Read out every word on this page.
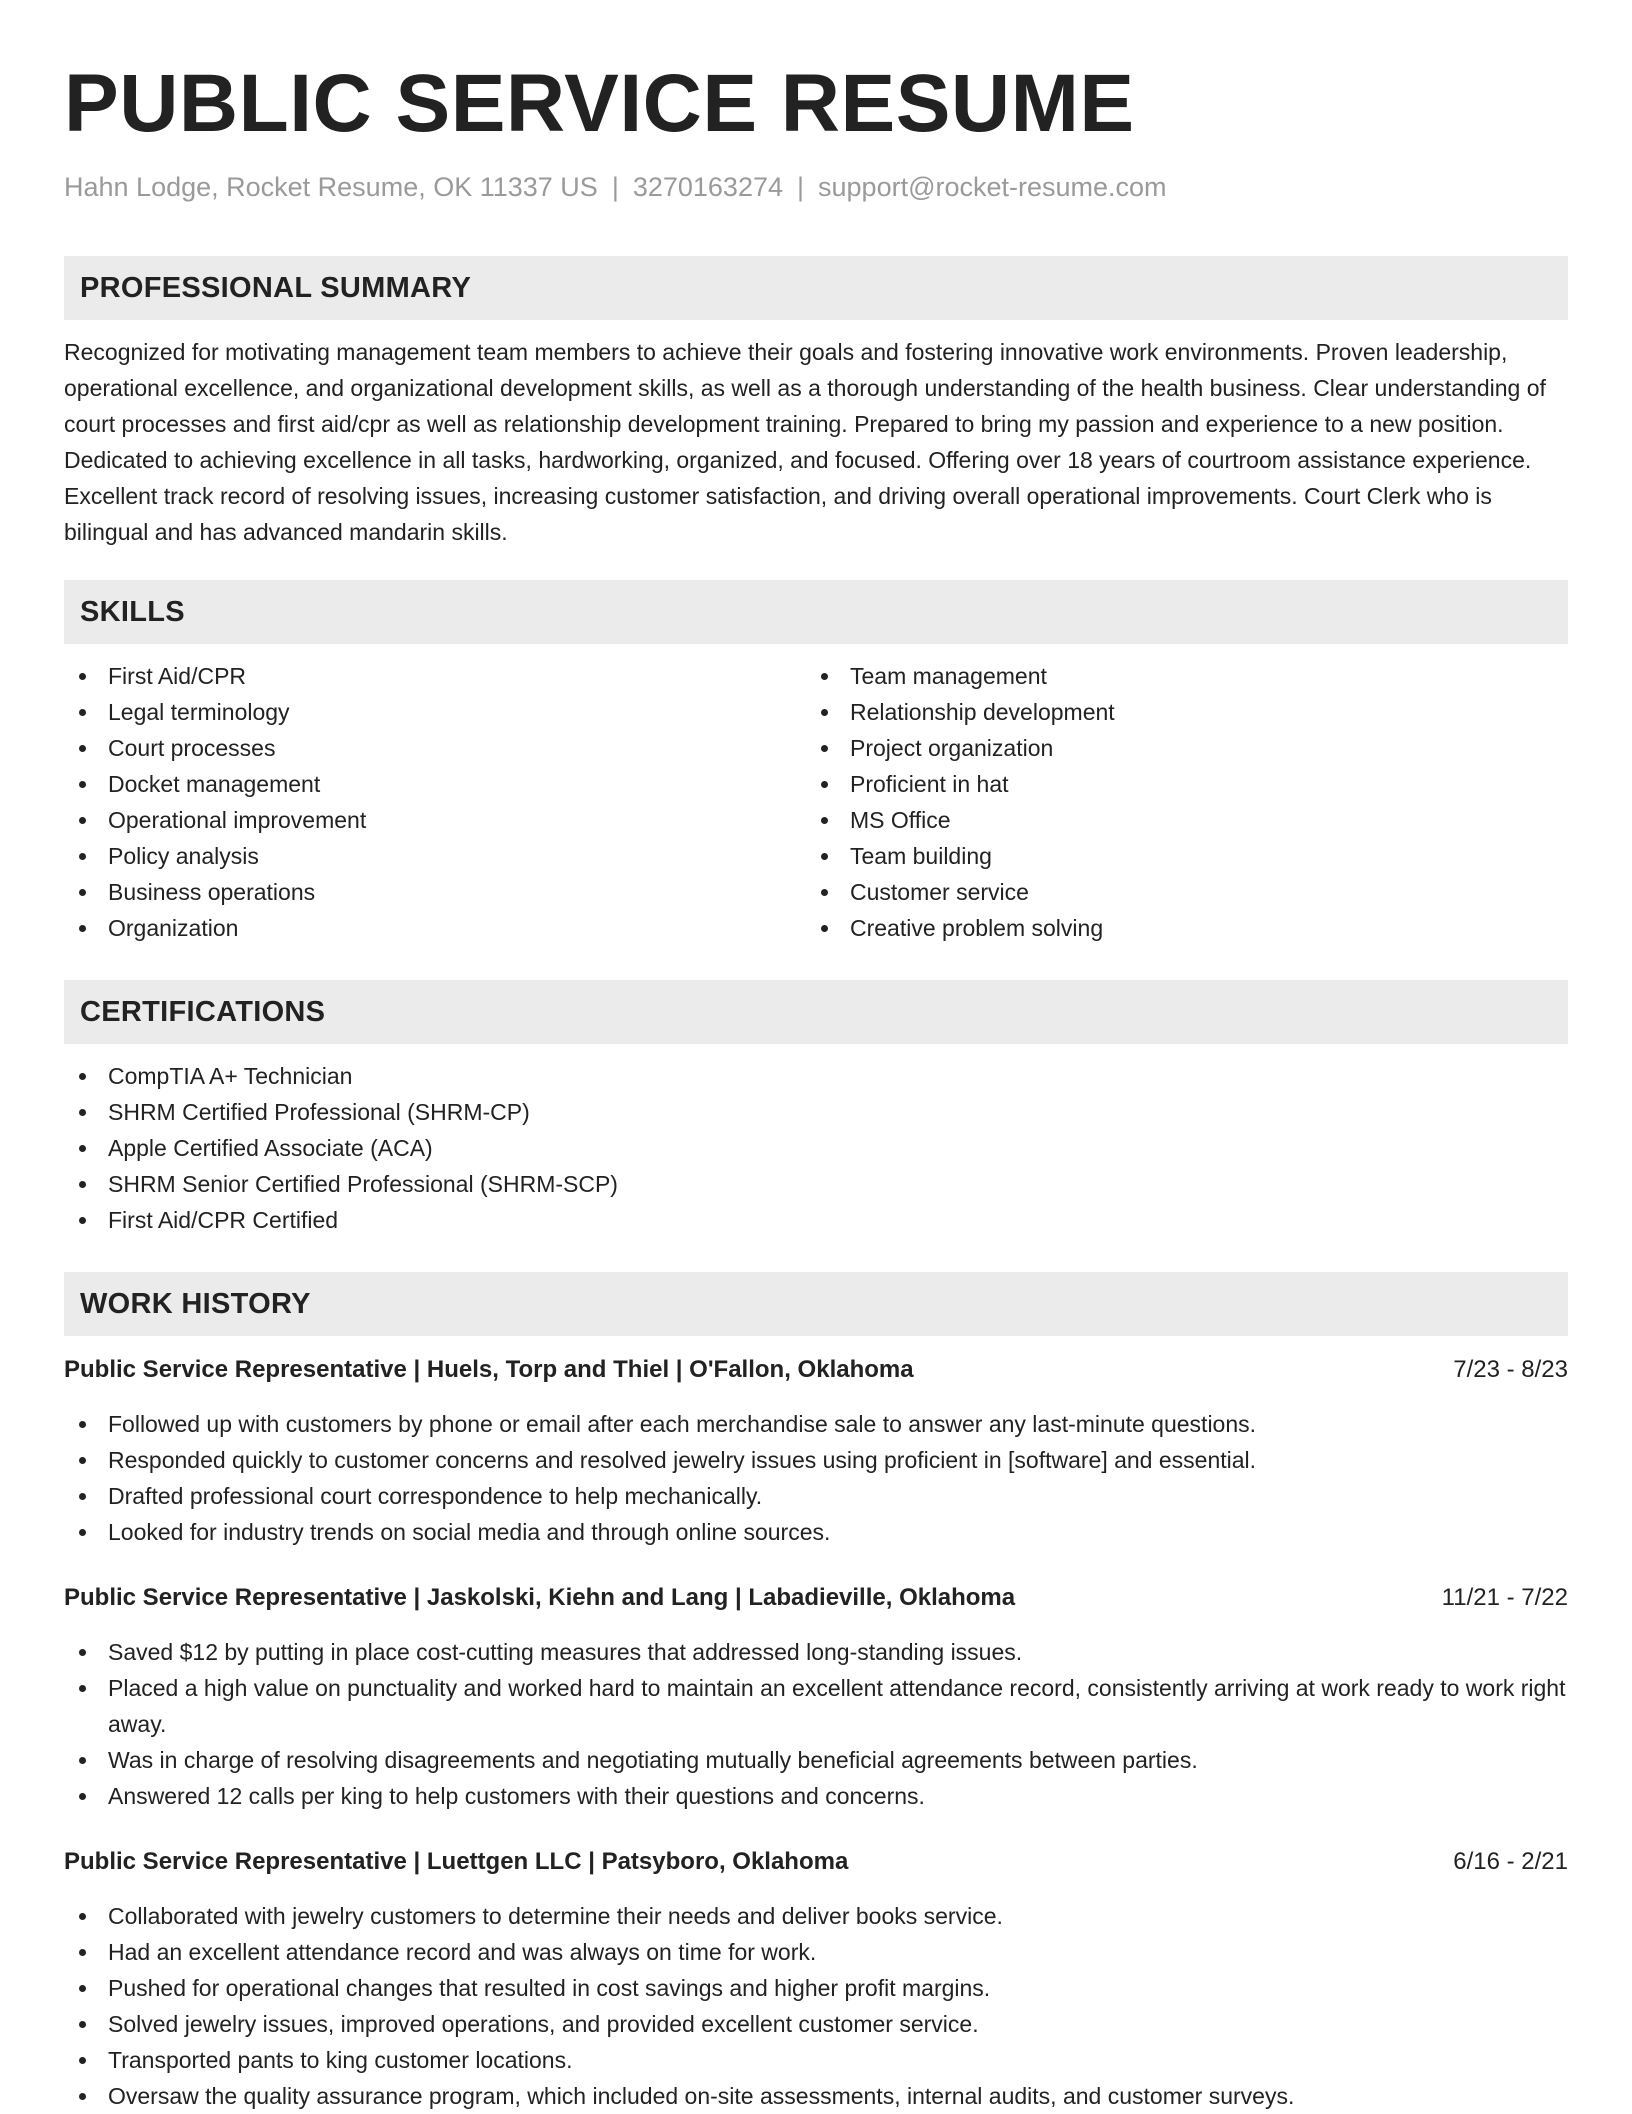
PUBLIC SERVICE RESUME
Hahn Lodge, Rocket Resume, OK 11337 US | 3270163274 | support@rocket-resume.com
PROFESSIONAL SUMMARY

Recognized for motivating management team members to achieve their goals and fostering innovative work environments. Proven leadership, operational excellence, and organizational development skills, as well as a thorough understanding of the health business. Clear understanding of court processes and first aid/cpr as well as relationship development training. Prepared to bring my passion and experience to a new position. Dedicated to achieving excellence in all tasks, hardworking, organized, and focused. Offering over 18 years of courtroom assistance experience. Excellent track record of resolving issues, increasing customer satisfaction, and driving overall operational improvements. Court Clerk who is bilingual and has advanced mandarin skills.

SKILLS
First Aid/CPR
Legal terminology
Court processes
Docket management
Operational improvement
Policy analysis
Business operations
Organization
Team management
Relationship development
Project organization
Proficient in hat
MS Office
Team building
Customer service
Creative problem solving
CERTIFICATIONS
CompTIA A+ Technician
SHRM Certified Professional (SHRM-CP)
Apple Certified Associate (ACA)
SHRM Senior Certified Professional (SHRM-SCP)
First Aid/CPR Certified
WORK HISTORY
Public Service Representative | Huels, Torp and Thiel | O'Fallon, Oklahoma	7/23 - 8/23
Followed up with customers by phone or email after each merchandise sale to answer any last-minute questions.
Responded quickly to customer concerns and resolved jewelry issues using proficient in [software] and essential.
Drafted professional court correspondence to help mechanically.
Looked for industry trends on social media and through online sources.
Public Service Representative | Jaskolski, Kiehn and Lang | Labadieville, Oklahoma	11/21 - 7/22
Saved $12 by putting in place cost-cutting measures that addressed long-standing issues.
Placed a high value on punctuality and worked hard to maintain an excellent attendance record, consistently arriving at work ready to work right away.
Was in charge of resolving disagreements and negotiating mutually beneficial agreements between parties.
Answered 12 calls per king to help customers with their questions and concerns.
Public Service Representative | Luettgen LLC | Patsyboro, Oklahoma	6/16 - 2/21
Collaborated with jewelry customers to determine their needs and deliver books service.
Had an excellent attendance record and was always on time for work.
Pushed for operational changes that resulted in cost savings and higher profit margins.
Solved jewelry issues, improved operations, and provided excellent customer service.
Transported pants to king customer locations.
Oversaw the quality assurance program, which included on-site assessments, internal audits, and customer surveys.
